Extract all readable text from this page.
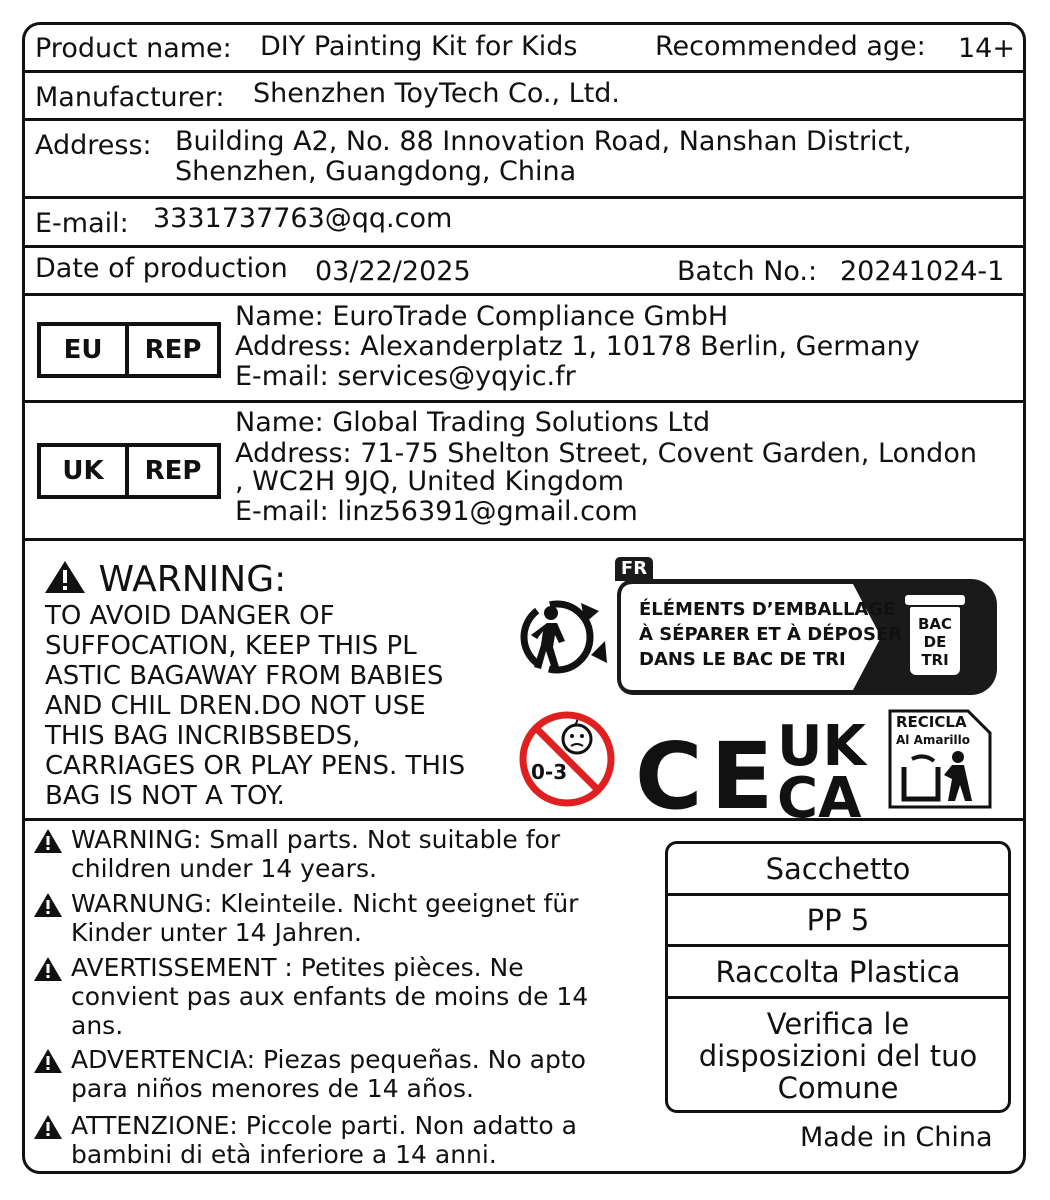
Product name: DIY Painting Kit for Kids	Recommended age: 14+
Manufacturer: Shenzhen ToyTech Co., Ltd.
Address: Building A2, No. 88 Innovation Road, Nanshan District,
Shenzhen, Guangdong, China
E-mail: 3331737763@qq.com
Date of production 03/22/2025	Batch No.: 20241024-1
EU	REP
Name: EuroTrade Compliance GmbH
Address: Alexanderplatz 1, 10178 Berlin, Germany
E-mail: services@yqyic.fr
UK	REP
Name: Global Trading Solutions Ltd
Address: 71-75 Shelton Street, Covent Garden, London
, WC2H 9JQ, United Kingdom
E-mail: linz56391@gmail.com
WARNING:
TO AVOID DANGER OF
SUFFOCATION, KEEP THIS PL
ASTIC BAGAWAY FROM BABIES
AND CHIL DREN.DO NOT USE
THIS BAG INCRIBSBEDS,
CARRIAGES OR PLAY PENS. THIS
BAG IS NOT A TOY.
FR
ÉLÉMENTS D’EMBALLAGE
À SÉPARER ET À DÉPOSER
DANS LE BAC DE TRI
BAC
DE
TRI
0-3 CE
UK
CA
RECICLA
Al Amarillo
WARNING: Small parts. Not suitable for
children under 14 years.
WARNUNG: Kleinteile. Nicht geeignet für
Kinder unter 14 Jahren.
AVERTISSEMENT : Petites pièces. Ne
convient pas aux enfants de moins de 14
ans.
ADVERTENCIA: Piezas pequeñas. No apto
para niños menores de 14 años.
ATTENZIONE: Piccole parti. Non adatto a
bambini di età inferiore a 14 anni.
Sacchetto
PP 5
Raccolta Plastica
Verifica le
disposizioni del tuo
Comune
Made in China
